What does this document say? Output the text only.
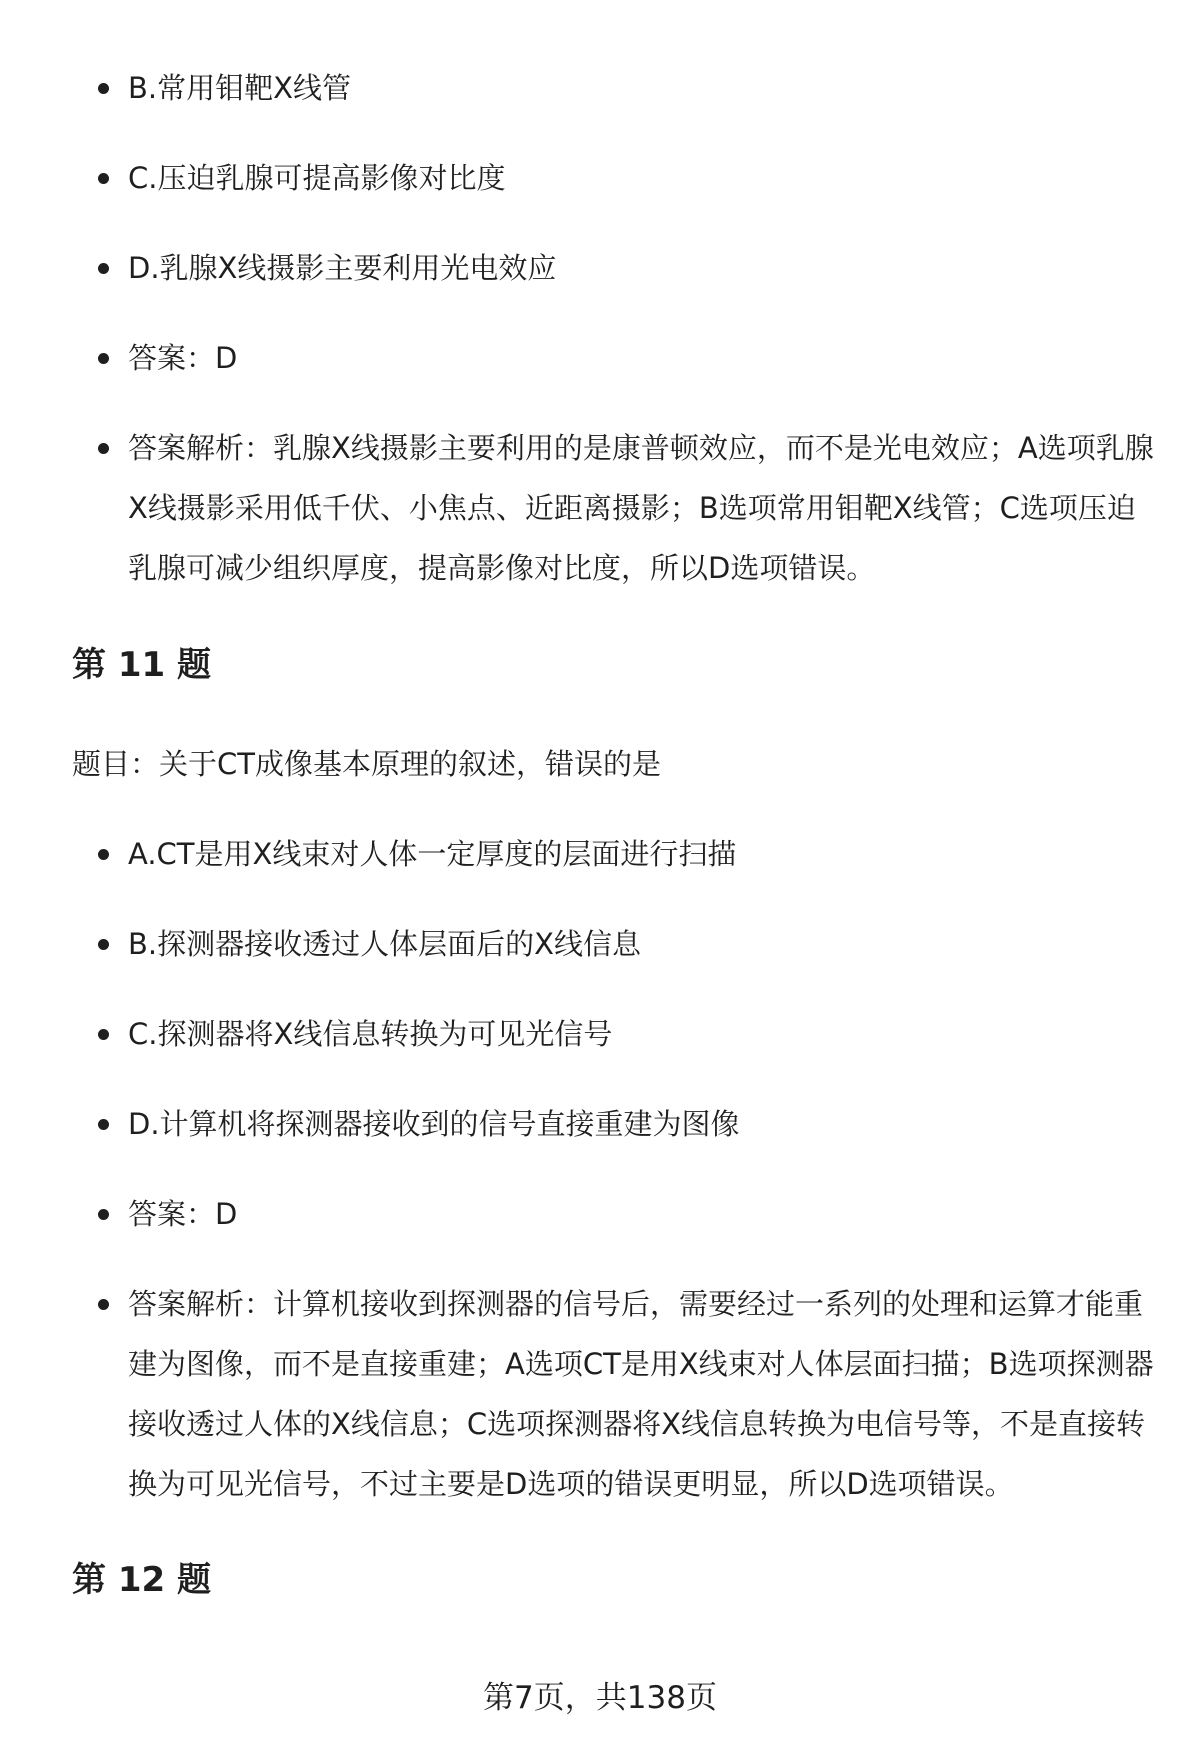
B.常用钼靶X线管
C.压迫乳腺可提高影像对比度
D.乳腺X线摄影主要利用光电效应
答案：D
答案解析：乳腺X线摄影主要利用的是康普顿效应，而不是光电效应；A选项乳腺X线摄影采用低千伏、小焦点、近距离摄影；B选项常用钼靶X线管；C选项压迫乳腺可减少组织厚度，提高影像对比度，所以D选项错误。
第 11 题

题目：关于CT成像基本原理的叙述，错误的是

A.CT是用X线束对人体一定厚度的层面进行扫描
B.探测器接收透过人体层面后的X线信息
C.探测器将X线信息转换为可见光信号
D.计算机将探测器接收到的信号直接重建为图像
答案：D
答案解析：计算机接收到探测器的信号后，需要经过一系列的处理和运算才能重建为图像，而不是直接重建；A选项CT是用X线束对人体层面扫描；B选项探测器接收透过人体的X线信息；C选项探测器将X线信息转换为电信号等，不是直接转换为可见光信号，不过主要是D选项的错误更明显，所以D选项错误。
第 12 题
第7页，共138页
